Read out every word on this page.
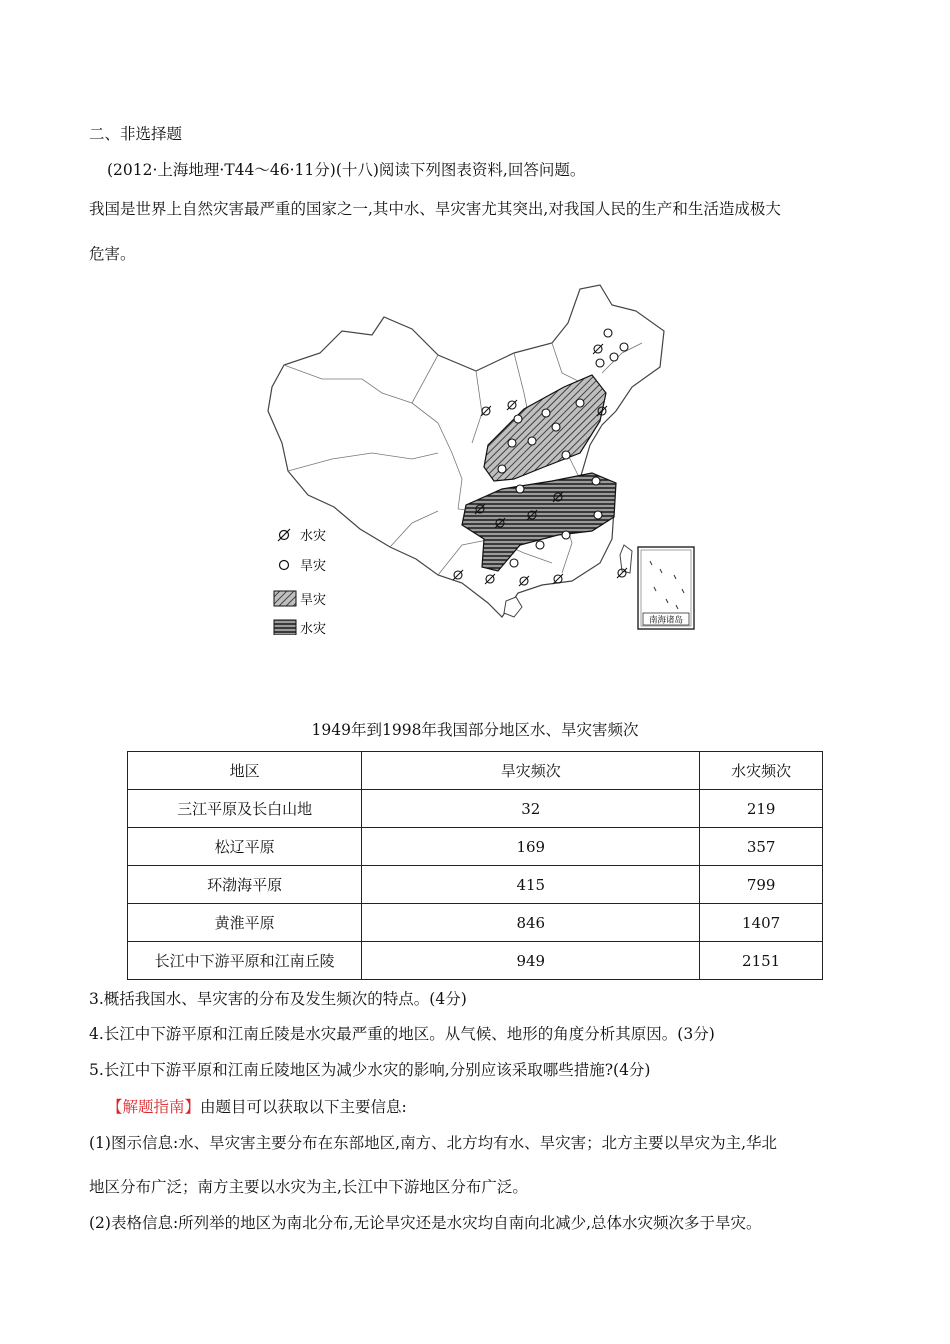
二、非选择题
(2012·上海地理·T44～46·11分)(十八)阅读下列图表资料,回答问题。
我国是世界上自然灾害最严重的国家之一,其中水、旱灾害尤其突出,对我国人民的生产和生活造成极大
危害。
水灾
旱灾
旱灾
水灾
南海诸岛
1949年到1998年我国部分地区水、旱灾害频次
地区	旱灾频次	水灾频次
三江平原及长白山地	32	219
松辽平原	169	357
环渤海平原	415	799
黄淮平原	846	1407
长江中下游平原和江南丘陵	949	2151
3.概括我国水、旱灾害的分布及发生频次的特点。(4分)
4.长江中下游平原和江南丘陵是水灾最严重的地区。从气候、地形的角度分析其原因。(3分)
5.长江中下游平原和江南丘陵地区为减少水灾的影响,分别应该采取哪些措施?(4分)
【解题指南】由题目可以获取以下主要信息:
(1)图示信息:水、旱灾害主要分布在东部地区,南方、北方均有水、旱灾害；北方主要以旱灾为主,华北
地区分布广泛；南方主要以水灾为主,长江中下游地区分布广泛。
(2)表格信息:所列举的地区为南北分布,无论旱灾还是水灾均自南向北减少,总体水灾频次多于旱灾。
